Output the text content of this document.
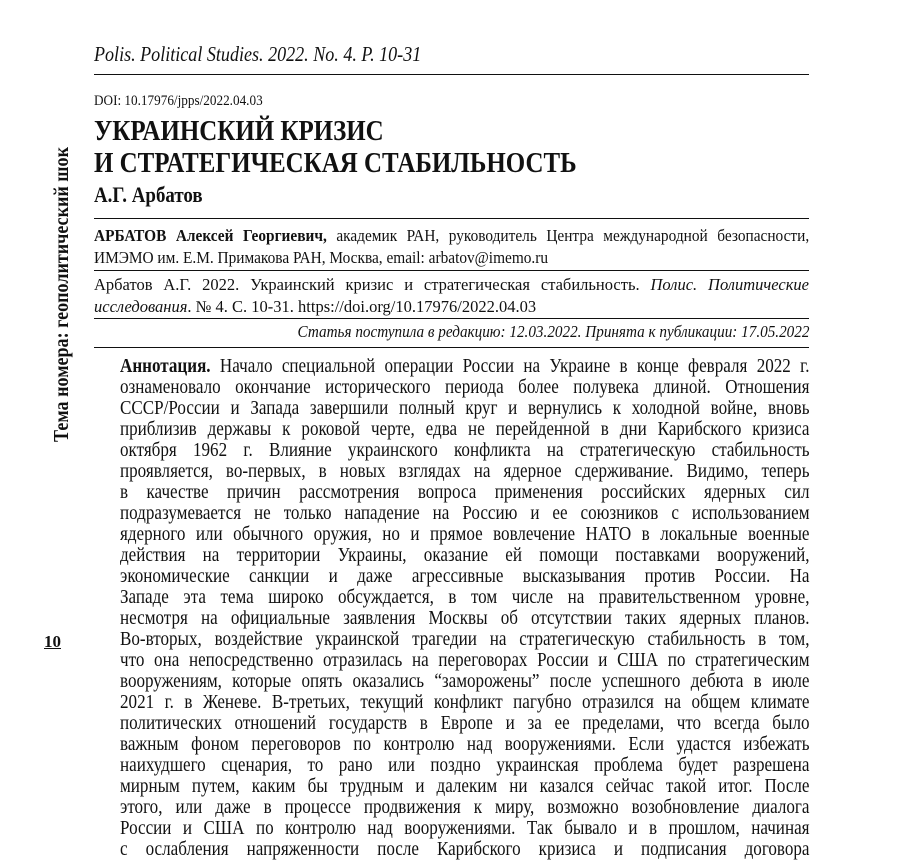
Polis. Political Studies. 2022. No. 4. P. 10-31
Тема номера: геополитический шок
10
DOI: 10.17976/jpps/2022.04.03
УКРАИНСКИЙ КРИЗИС
И СТРАТЕГИЧЕСКАЯ СТАБИЛЬНОСТЬ
А.Г. Арбатов
АРБАТОВ Алексей Георгиевич, академик РАН, руководитель Центра международной безопасности,
ИМЭМО им. Е.М. Примакова РАН, Москва, email: arbatov@imemo.ru
Арбатов А.Г. 2022. Украинский кризис и стратегическая стабильность. Полис. Политические
исследования. № 4. С. 10-31. https://doi.org/10.17976/2022.04.03
Статья поступила в редакцию: 12.03.2022. Принята к публикации: 17.05.2022
Аннотация. Начало специальной операции России на Украине в конце февраля 2022 г.
ознаменовало окончание исторического периода более полувека длиной. Отношения
СССР/России и Запада завершили полный круг и вернулись к холодной войне, вновь
приблизив державы к роковой черте, едва не перейденной в дни Карибского кризиса
октября 1962 г. Влияние украинского конфликта на стратегическую стабильность
проявляется, во-первых, в новых взглядах на ядерное сдерживание. Видимо, теперь
в качестве причин рассмотрения вопроса применения российских ядерных сил
подразумевается не только нападение на Россию и ее союзников с использованием
ядерного или обычного оружия, но и прямое вовлечение НАТО в локальные военные
действия на территории Украины, оказание ей помощи поставками вооружений,
экономические санкции и даже агрессивные высказывания против России. На
Западе эта тема широко обсуждается, в том числе на правительственном уровне,
несмотря на официальные заявления Москвы об отсутствии таких ядерных планов.
Во-вторых, воздействие украинской трагедии на стратегическую стабильность в том,
что она непосредственно отразилась на переговорах России и США по стратегическим
вооружениям, которые опять оказались “заморожены” после успешного дебюта в июле
2021 г. в Женеве. В-третьих, текущий конфликт пагубно отразился на общем климате
политических отношений государств в Европе и за ее пределами, что всегда было
важным фоном переговоров по контролю над вооружениями. Если удастся избежать
наихудшего сценария, то рано или поздно украинская проблема будет разрешена
мирным путем, каким бы трудным и далеким ни казался сейчас такой итог. После
этого, или даже в процессе продвижения к миру, возможно возобновление диалога
России и США по контролю над вооружениями. Так бывало и в прошлом, начиная
с ослабления напряженности после Карибского кризиса и подписания договора
